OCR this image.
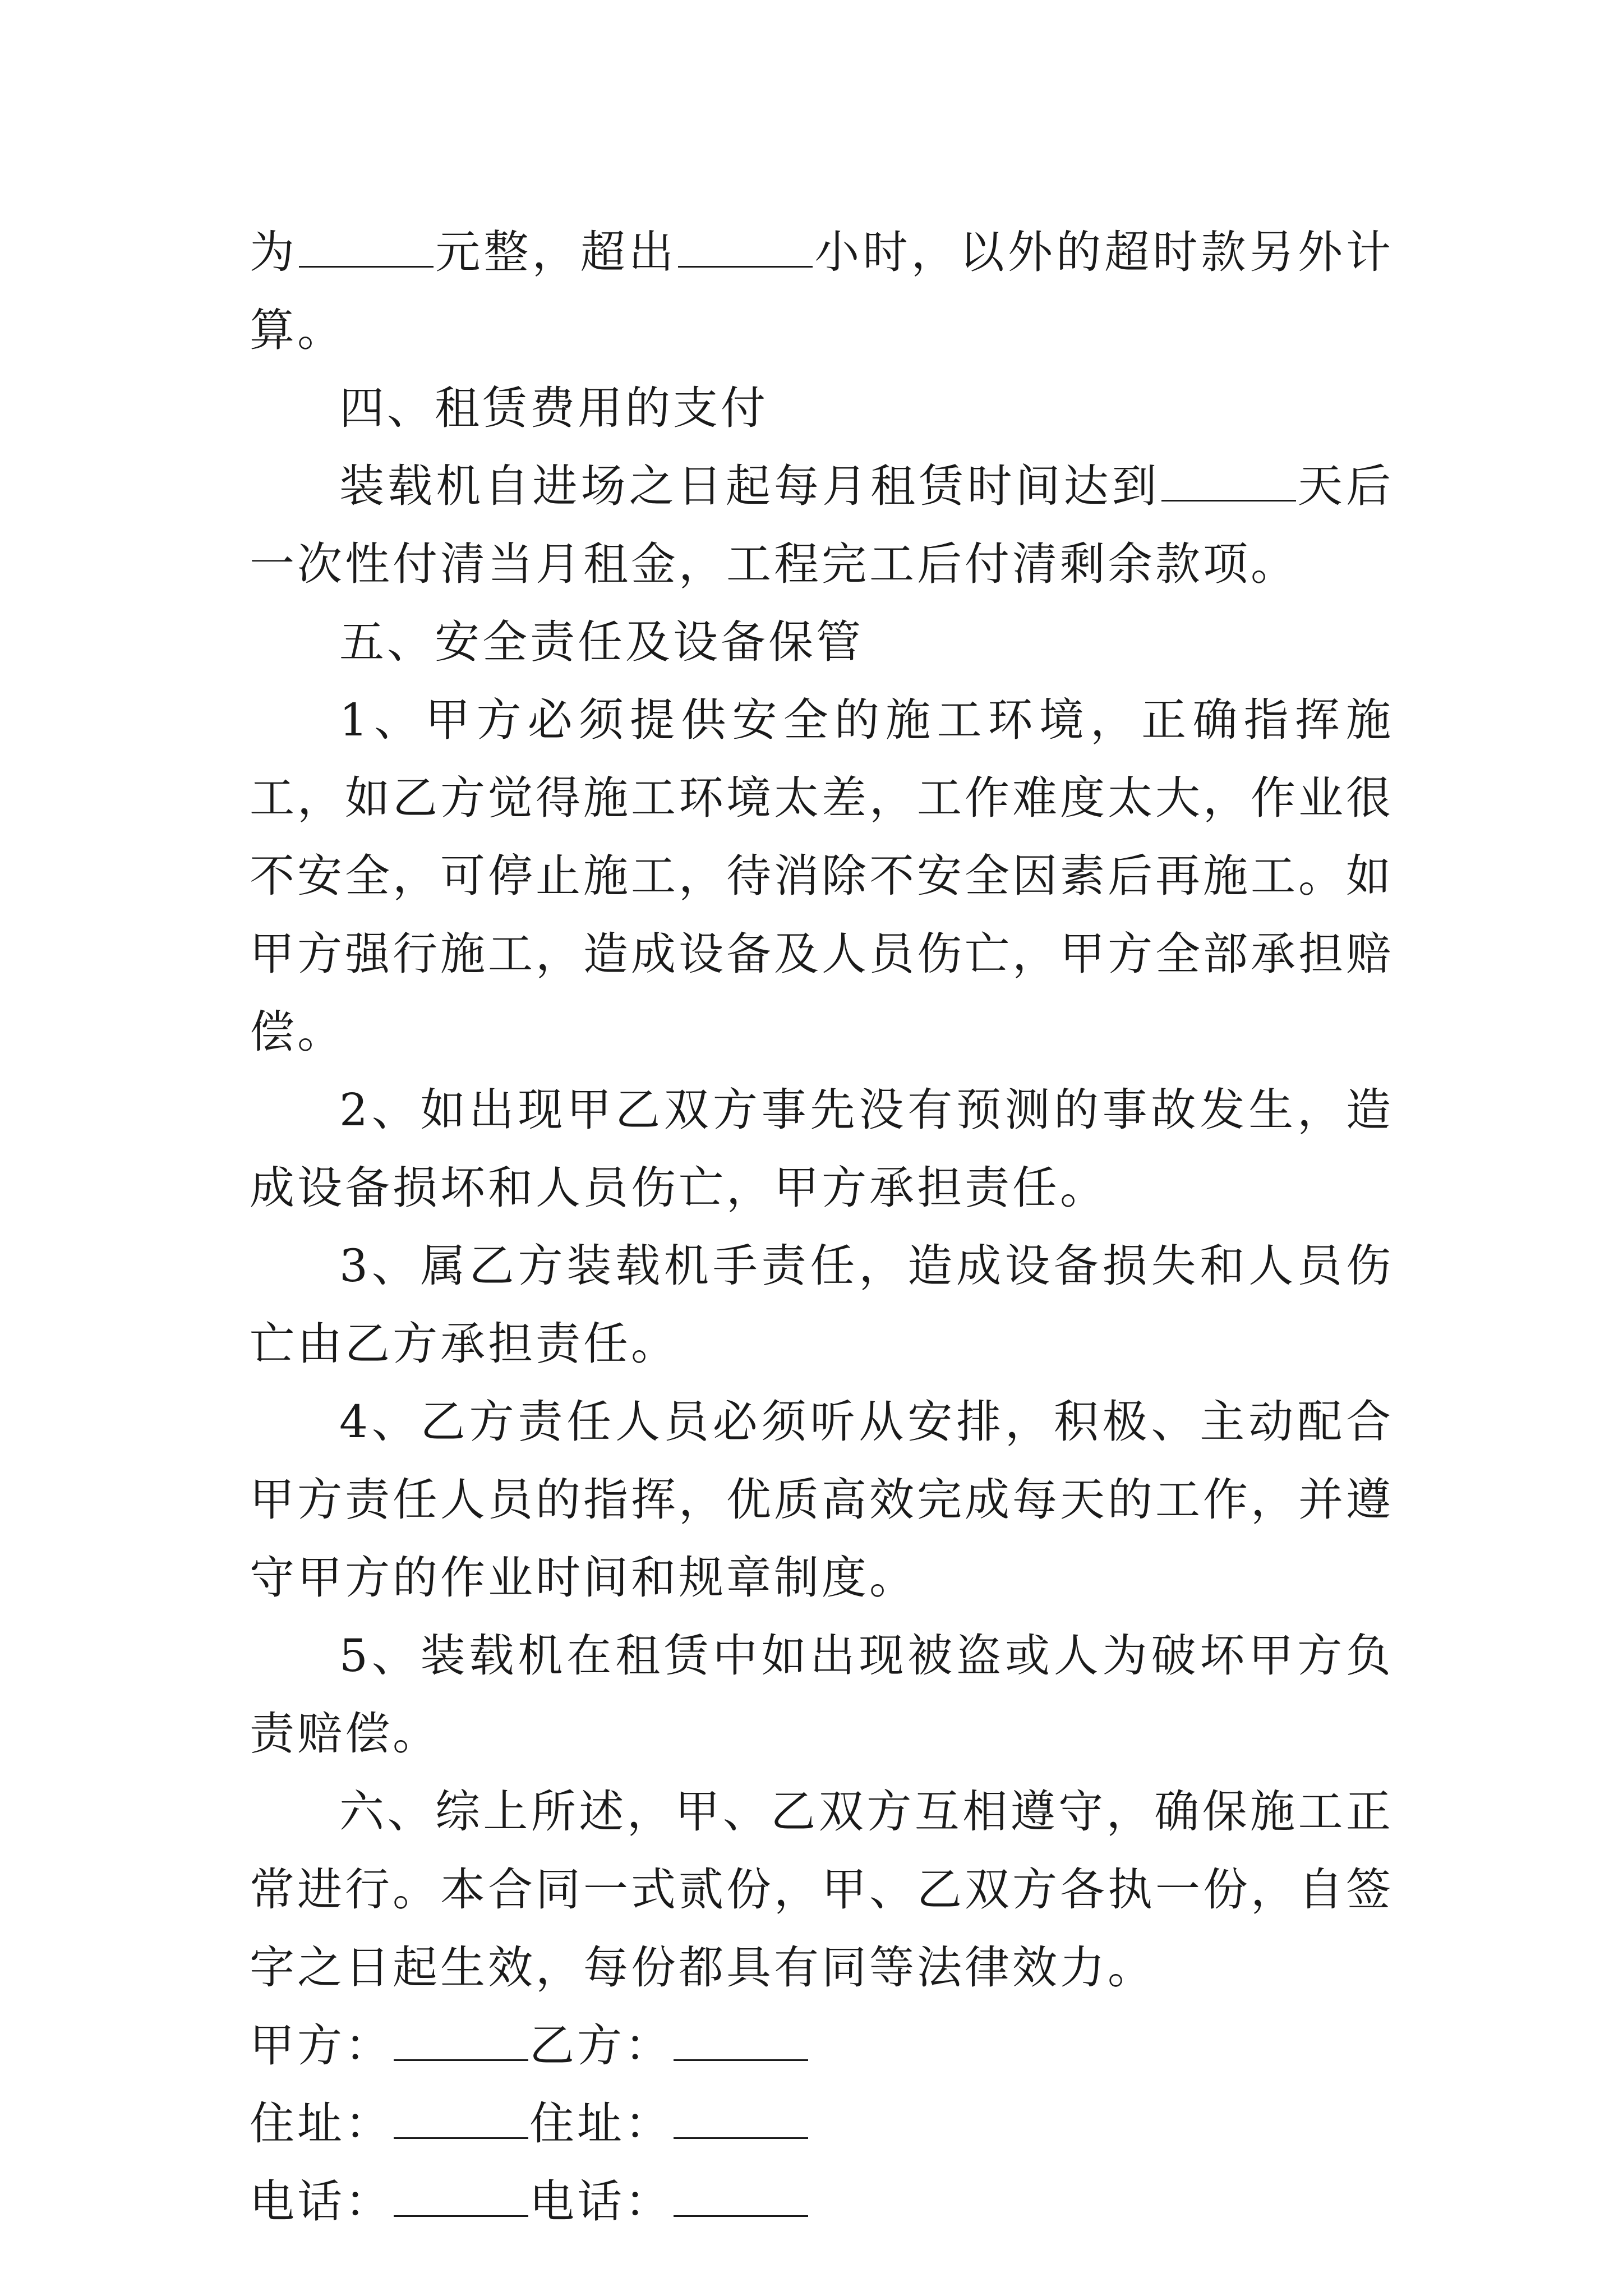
为	元整，超出	小时，以外的超时款另外计算。

四、租赁费用的支付

装载机自进场之日起每月租赁时间达到	天后一次性付清当月租金，工程完工后付清剩余款项。

五、安全责任及设备保管

1、甲方必须提供安全的施工环境，正确指挥施工，如乙方觉得施工环境太差，工作难度太大，作业很不安全，可停止施工，待消除不安全因素后再施工。如甲方强行施工，造成设备及人员伤亡，甲方全部承担赔偿。

2、如出现甲乙双方事先没有预测的事故发生，造成设备损坏和人员伤亡，甲方承担责任。

3、属乙方装载机手责任，造成设备损失和人员伤亡由乙方承担责任。

4、乙方责任人员必须听从安排，积极、主动配合甲方责任人员的指挥，优质高效完成每天的工作，并遵守甲方的作业时间和规章制度。

5、装载机在租赁中如出现被盗或人为破坏甲方负责赔偿。

六、综上所述，甲、乙双方互相遵守，确保施工正常进行。本合同一式贰份，甲、乙双方各执一份，自签字之日起生效，每份都具有同等法律效力。

甲方：	乙方：

住址：	住址：

电话：	电话：
